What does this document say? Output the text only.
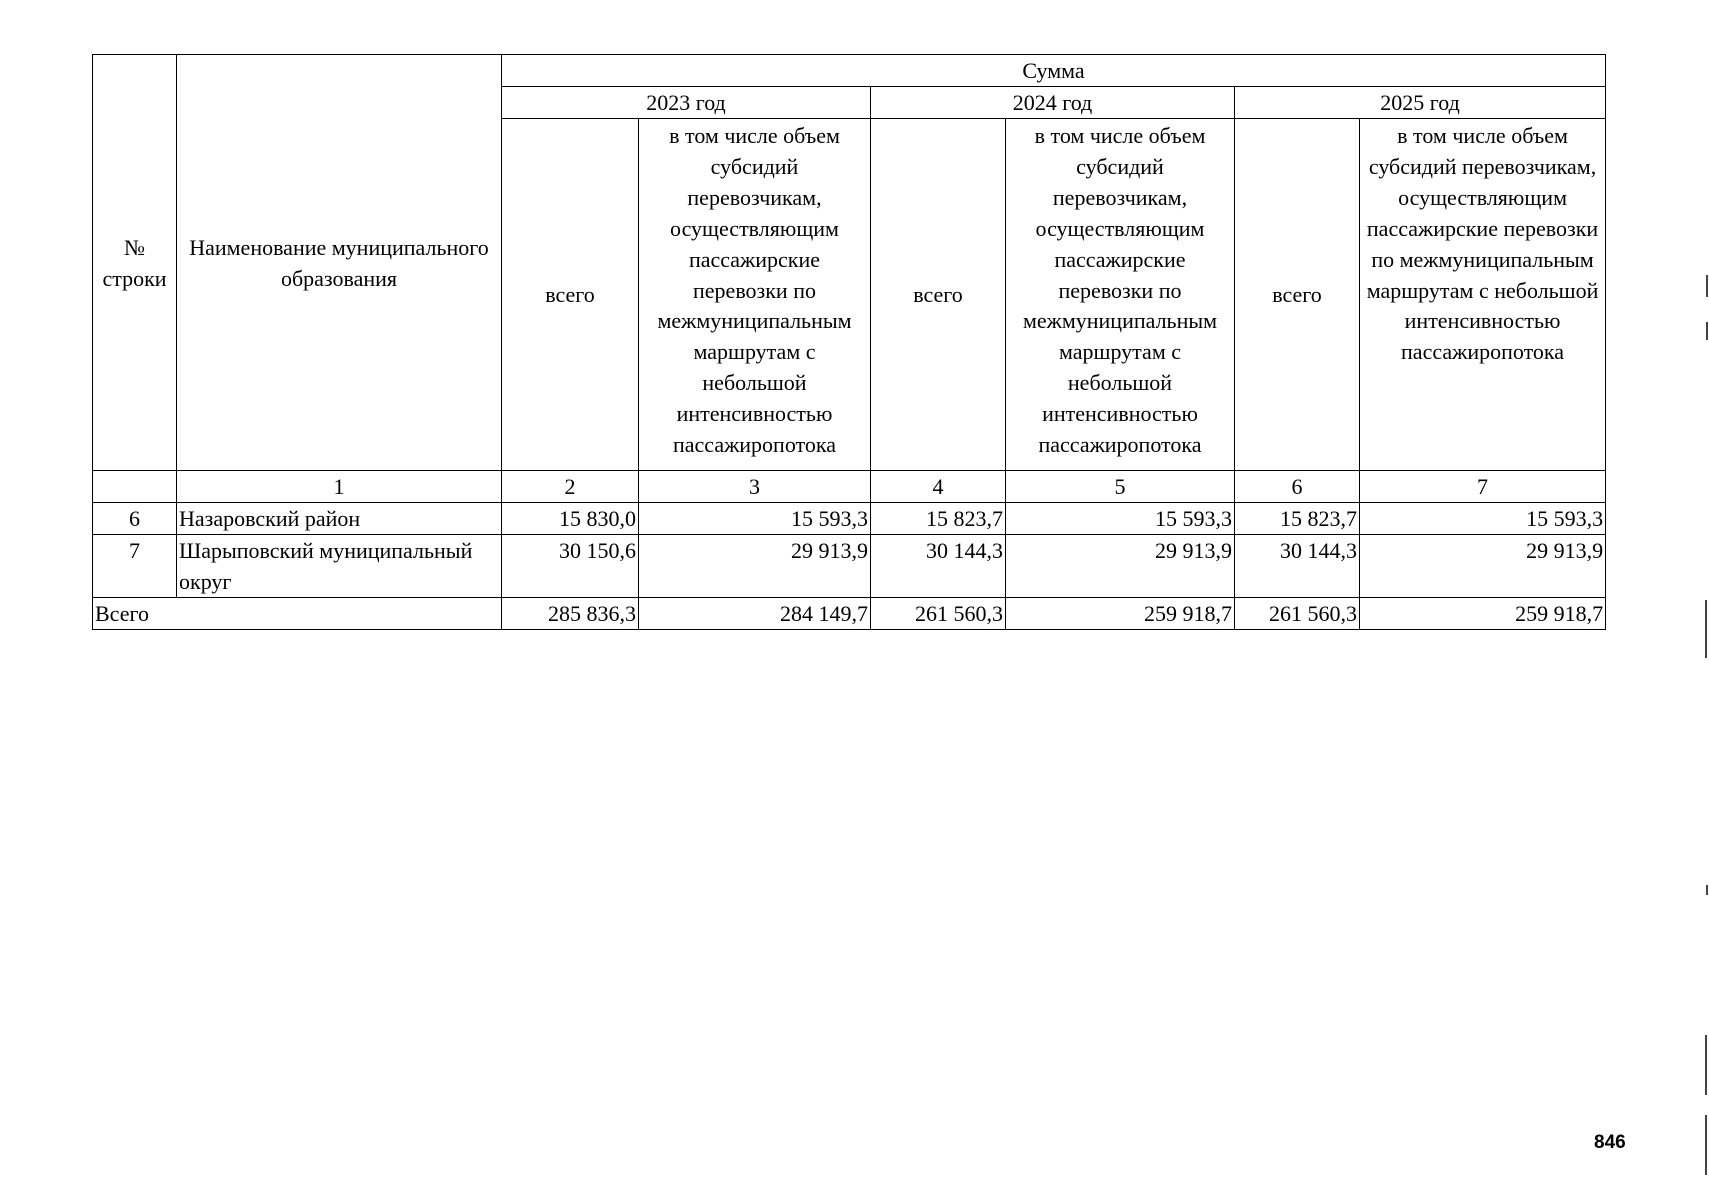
№ строки	Наименование муниципального образования	Сумма					
		2023 год		2024 год		2025 год	
		всего	в том числе объем субсидий перевозчикам, осуществляющим пассажирские перевозки по межмуниципальным маршрутам с небольшой интенсивностью пассажиропотока	всего	в том числе объем субсидий перевозчикам, осуществляющим пассажирские перевозки по межмуниципальным маршрутам с небольшой интенсивностью пассажиропотока	всего	в том числе объем субсидий перевозчикам, осуществляющим пассажирские перевозки по межмуниципальным маршрутам с небольшой интенсивностью пассажиропотока
	1	2	3	4	5	6	7
6	Назаровский район	15 830,0	15 593,3	15 823,7	15 593,3	15 823,7	15 593,3
7	Шарыповский муниципальный округ	30 150,6	29 913,9	30 144,3	29 913,9	30 144,3	29 913,9
Всего		285 836,3	284 149,7	261 560,3	259 918,7	261 560,3	259 918,7
846
